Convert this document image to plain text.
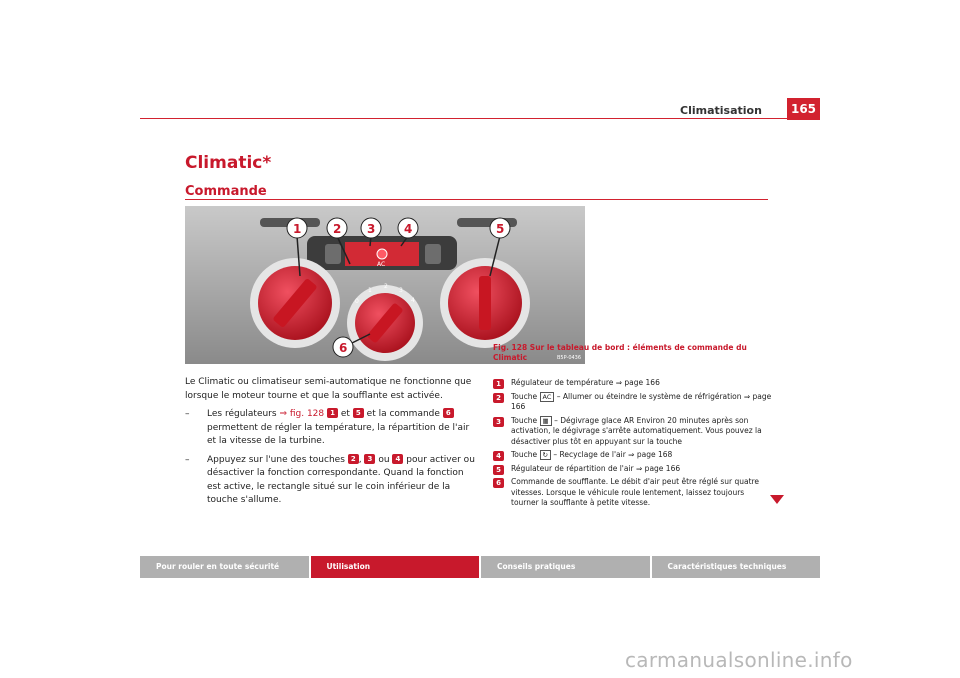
Climatisation	165
Climatic*
Commande
AC
0
1
2
3
4
1	2 3 4	5
6
B5P-0436
Fig. 128 Sur le tableau de bord : éléments de commande du Climatic

Le Climatic ou climatiseur semi-automatique ne fonctionne que lorsque le moteur tourne et que la soufflante est activée.

– Les régulateurs ⇒ fig. 128 1 et 5 et la commande 6 permettent de régler la température, la répartition de l'air et la vitesse de la turbine.
– Appuyez sur l'une des touches 2 , 3 ou 4 pour activer ou désactiver la fonction correspondante. Quand la fonction est active, le rectangle situé sur le coin inférieur de la touche s'allume.
1	Régulateur de température ⇒ page 166
2	Touche AC – Allumer ou éteindre le système de réfrigération ⇒ page 166
3	Touche ▦ – Dégivrage glace AR Environ 20 minutes après son activation, le dégivrage s'arrête automatiquement. Vous pouvez la désactiver plus tôt en appuyant sur la touche
4	Touche ↻ – Recyclage de l'air ⇒ page 168
5	Régulateur de répartition de l'air ⇒ page 166
6	Commande de soufflante. Le débit d'air peut être réglé sur quatre vitesses. Lorsque le véhicule roule lentement, laissez toujours tourner la soufflante à petite vitesse.
Pour rouler en toute sécurité	Utilisation	Conseils pratiques	Caractéristiques techniques
carmanualsonline.info
